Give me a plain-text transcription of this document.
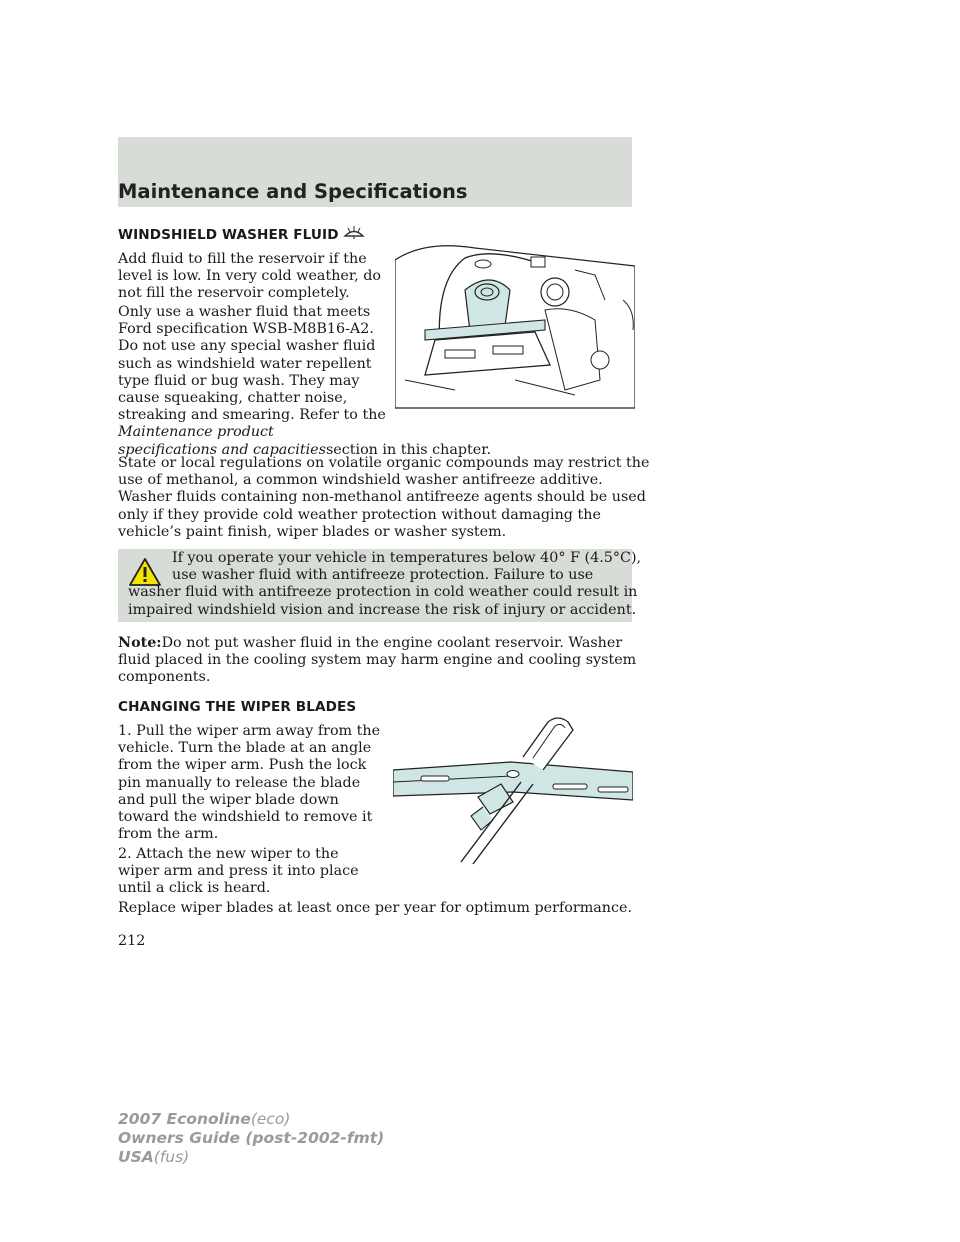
Maintenance and Specifications
WINDSHIELD WASHER FLUID
Add fluid to fill the reservoir if the
level is low. In very cold weather, do
not fill the reservoir completely.
Only use a washer fluid that meets
Ford specification WSB-M8B16-A2.
Do not use any special washer fluid
such as windshield water repellent
type fluid or bug wash. They may
cause squeaking, chatter noise,
streaking and smearing. Refer to the
Maintenance product
specifications and capacitiessection in this chapter.
State or local regulations on volatile organic compounds may restrict the
use of methanol, a common windshield washer antifreeze additive.
Washer fluids containing non-methanol antifreeze agents should be used
only if they provide cold weather protection without damaging the
vehicle’s paint finish, wiper blades or washer system.
If you operate your vehicle in temperatures below 40° F (4.5°C),
use washer fluid with antifreeze protection. Failure to use
washer fluid with antifreeze protection in cold weather could result in
impaired windshield vision and increase the risk of injury or accident.
Note:Do not put washer fluid in the engine coolant reservoir. Washer
fluid placed in the cooling system may harm engine and cooling system
components.
CHANGING THE WIPER BLADES
1. Pull the wiper arm away from the
vehicle. Turn the blade at an angle
from the wiper arm. Push the lock
pin manually to release the blade
and pull the wiper blade down
toward the windshield to remove it
from the arm.
2. Attach the new wiper to the
wiper arm and press it into place
until a click is heard.
Replace wiper blades at least once per year for optimum performance.
212
2007 Econoline(eco)
Owners Guide (post-2002-fmt)
USA(fus)
